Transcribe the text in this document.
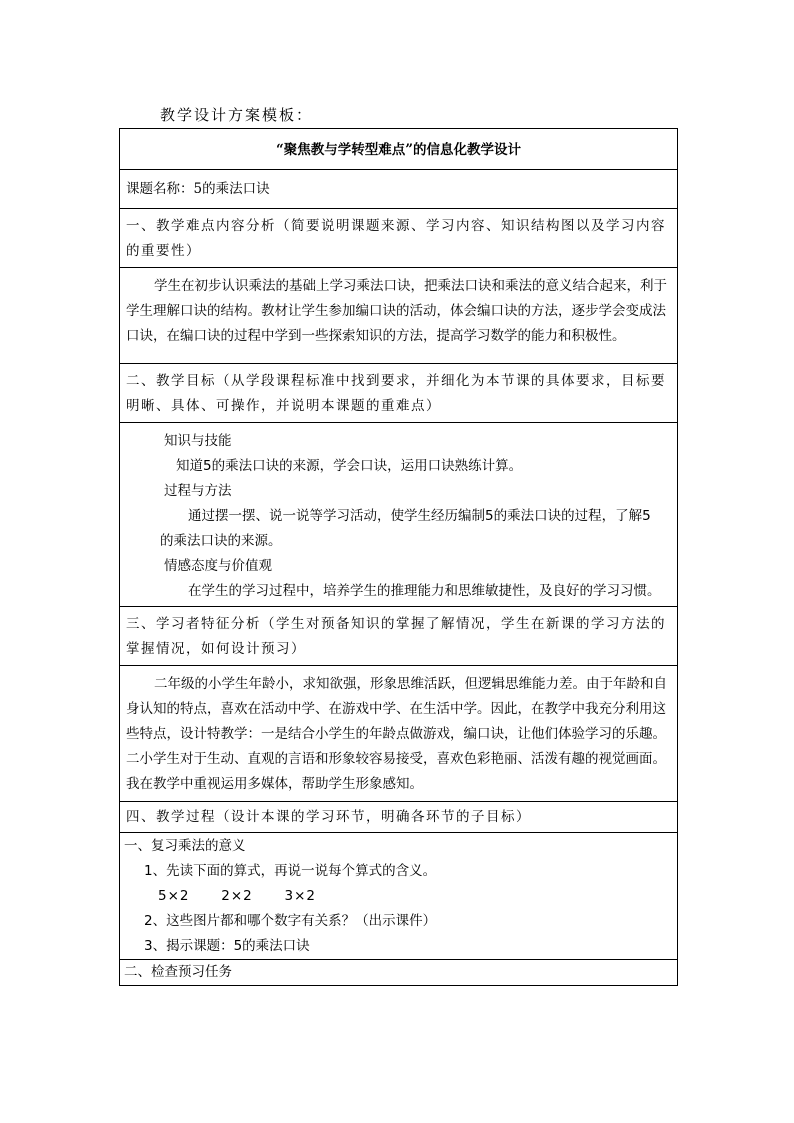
教学设计方案模板：
“聚焦教与学转型难点”的信息化教学设计
课题名称：5的乘法口诀
一、教学难点内容分析（简要说明课题来源、学习内容、知识结构图以及学习内容的重要性）
学生在初步认识乘法的基础上学习乘法口诀，把乘法口诀和乘法的意义结合起来，利于学生理解口诀的结构。教材让学生参加编口诀的活动，体会编口诀的方法，逐步学会变成法口诀，在编口诀的过程中学到一些探索知识的方法，提高学习数学的能力和积极性。
二、教学目标（从学段课程标准中找到要求，并细化为本节课的具体要求，目标要明晰、具体、可操作，并说明本课题的重难点）

知识与技能
知道5的乘法口诀的来源，学会口诀，运用口诀熟练计算。
过程与方法
通过摆一摆、说一说等学习活动，使学生经历编制5的乘法口诀的过程，了解5
的乘法口诀的来源。
情感态度与价值观
在学生的学习过程中，培养学生的推理能力和思维敏捷性，及良好的学习习惯。

三、学习者特征分析（学生对预备知识的掌握了解情况，学生在新课的学习方法的掌握情况，如何设计预习）
二年级的小学生年龄小，求知欲强，形象思维活跃，但逻辑思维能力差。由于年龄和自身认知的特点，喜欢在活动中学、在游戏中学、在生活中学。因此，在教学中我充分利用这些特点，设计特教学：一是结合小学生的年龄点做游戏，编口诀，让他们体验学习的乐趣。二小学生对于生动、直观的言语和形象较容易接受，喜欢色彩艳丽、活泼有趣的视觉画面。我在教学中重视运用多媒体，帮助学生形象感知。
四、教学过程（设计本课的学习环节，明确各环节的子目标）

一、复习乘法的意义
1、先读下面的算式，再说一说每个算式的含义。
5×2      2×2      3×2
2、这些图片都和哪个数字有关系？（出示课件）
3、揭示课题：5的乘法口诀
二、检查预习任务
